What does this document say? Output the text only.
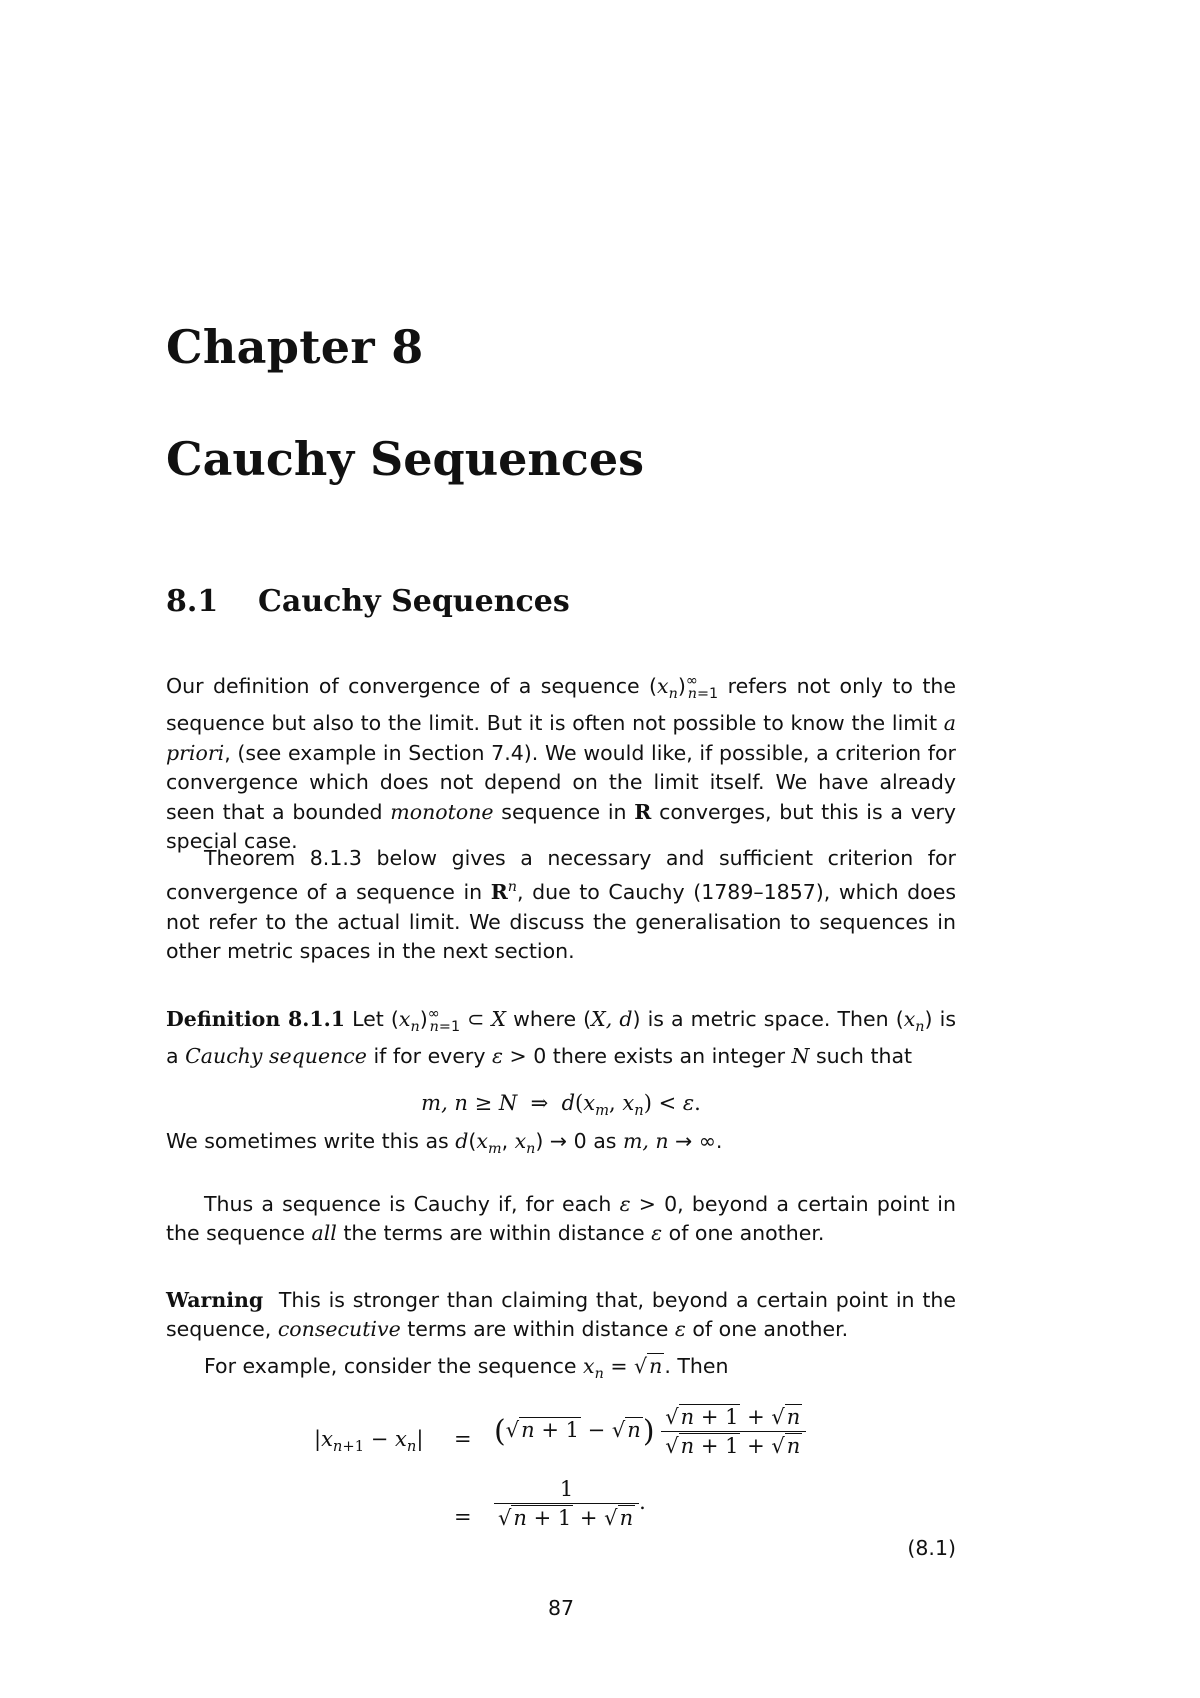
Chapter 8
Cauchy Sequences
8.1 Cauchy Sequences

Our definition of convergence of a sequence $(x_n)^\infty_{n=1}$ refers not only to the sequence but also to the limit. But it is often not possible to know the limit a priori, (see example in Section 7.4). We would like, if possible, a criterion for convergence which does not depend on the limit itself. We have already seen that a bounded monotone sequence in R converges, but this is a very special case.

Theorem 8.1.3 below gives a necessary and sufficient criterion for convergence of a sequence in $R^n$, due to Cauchy (1789–1857), which does not refer to the actual limit. We discuss the generalisation to sequences in other metric spaces in the next section.

Definition 8.1.1 Let $(x_n)^\infty_{n=1}$ ⊂ X where (X, d) is a metric space. Then $(x_n)$ is a Cauchy sequence if for every ε > 0 there exists an integer N such that

m, n ≥ N  ⇒  $d(x_m$, $x_n) < \varepsilon$.

We sometimes write this as $d(x_m$, $x_n) \to 0$ as m, n → ∞.

Thus a sequence is Cauchy if, for each ε > 0, beyond a certain point in the sequence all the terms are within distance ε of one another.

Warning  This is stronger than claiming that, beyond a certain point in the sequence, consecutive terms are within distance ε of one another.

For example, consider the sequence $x_n = √n$. Then

$|x_{n+1} - x_n| = (√n + 1 - √n) \frac{√n + 1 + √n}{√n + 1 + √n}$
= $\frac{1}{√n + 1 + √n}$ .
(8.1)
87
